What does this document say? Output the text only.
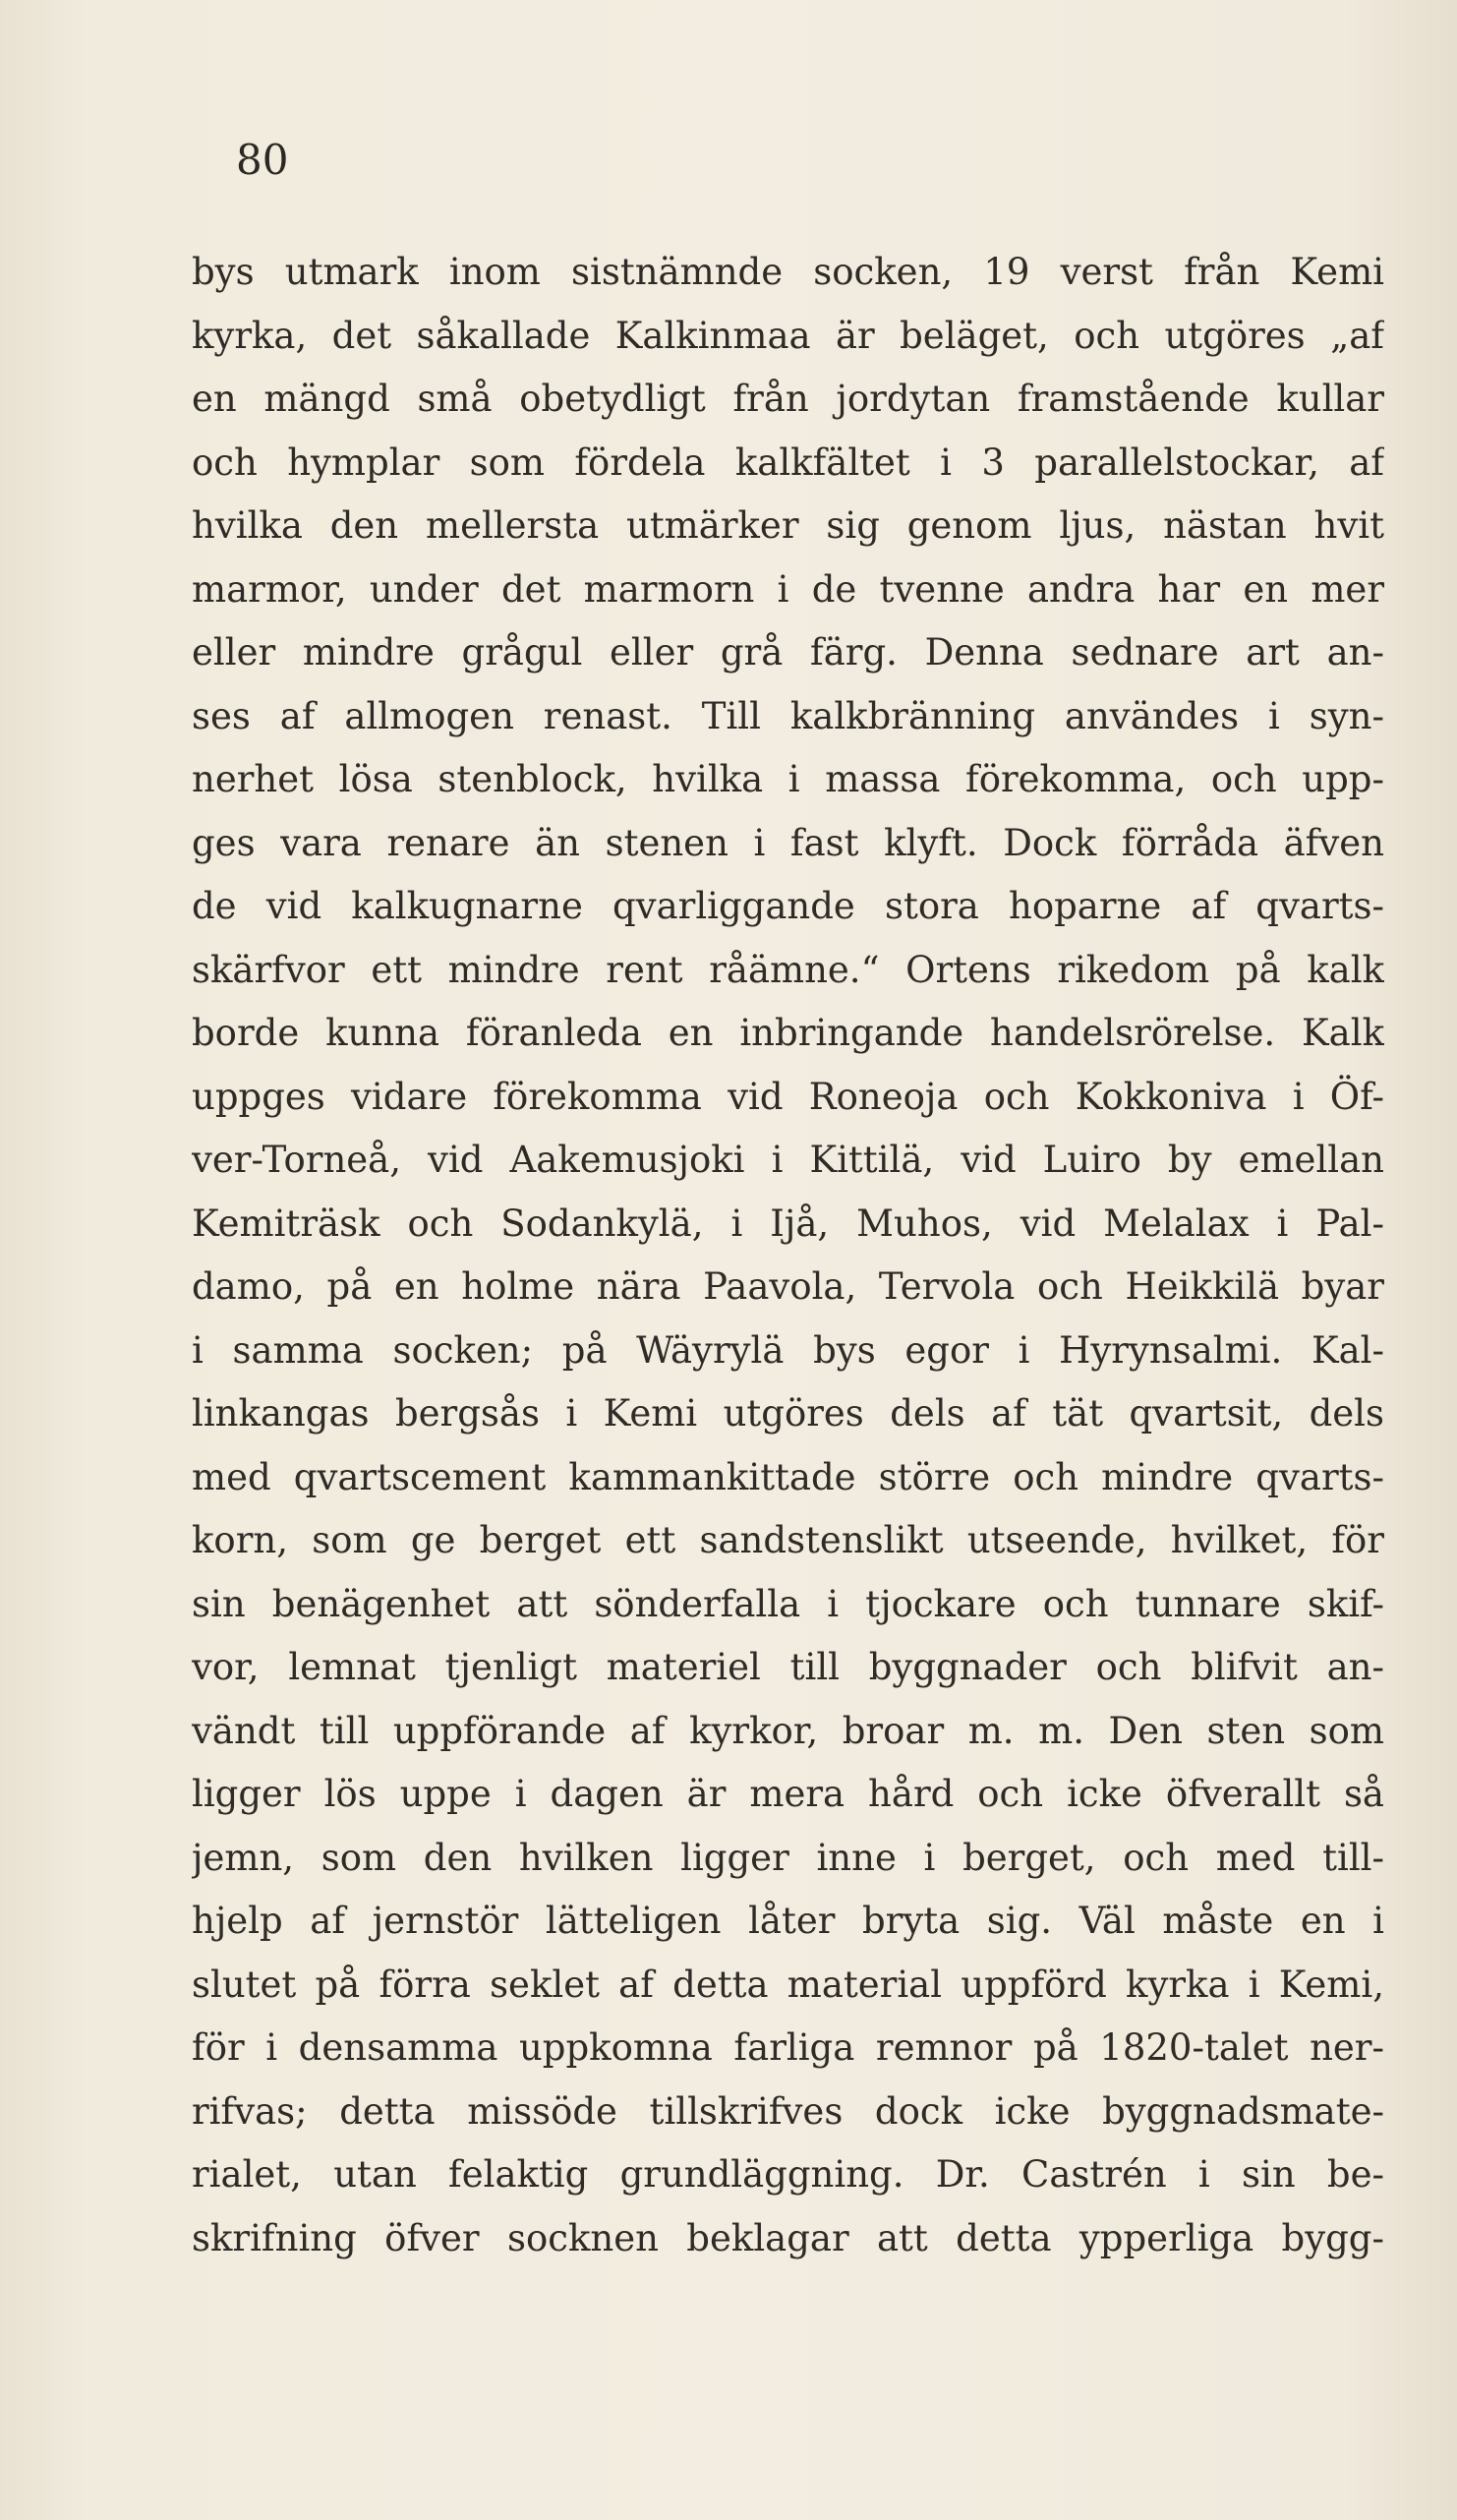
80
bys utmark inom sistnämnde socken, 19 verst från Kemi
kyrka, det såkallade Kalkinmaa är beläget, och utgöres „af
en mängd små obetydligt från jordytan framstående kullar
och hymplar som fördela kalkfältet i 3 parallelstockar, af
hvilka den mellersta utmärker sig genom ljus, nästan hvit
marmor, under det marmorn i de tvenne andra har en mer
eller mindre grågul eller grå färg. Denna sednare art an-
ses af allmogen renast. Till kalkbränning användes i syn-
nerhet lösa stenblock, hvilka i massa förekomma, och upp-
ges vara renare än stenen i fast klyft. Dock förråda äfven
de vid kalkugnarne qvarliggande stora hoparne af qvarts-
skärfvor ett mindre rent råämne.“ Ortens rikedom på kalk
borde kunna föranleda en inbringande handelsrörelse. Kalk
uppges vidare förekomma vid Roneoja och Kokkoniva i Öf-
ver-Torneå, vid Aakemusjoki i Kittilä, vid Luiro by emellan
Kemiträsk och Sodankylä, i Ijå, Muhos, vid Melalax i Pal-
damo, på en holme nära Paavola, Tervola och Heikkilä byar
i samma socken; på Wäyrylä bys egor i Hyrynsalmi. Kal-
linkangas bergsås i Kemi utgöres dels af tät qvartsit, dels
med qvartscement kammankittade större och mindre qvarts-
korn, som ge berget ett sandstenslikt utseende, hvilket, för
sin benägenhet att sönderfalla i tjockare och tunnare skif-
vor, lemnat tjenligt materiel till byggnader och blifvit an-
vändt till uppförande af kyrkor, broar m. m. Den sten som
ligger lös uppe i dagen är mera hård och icke öfverallt så
jemn, som den hvilken ligger inne i berget, och med till-
hjelp af jernstör lätteligen låter bryta sig. Väl måste en i
slutet på förra seklet af detta material uppförd kyrka i Kemi,
för i densamma uppkomna farliga remnor på 1820-talet ner-
rifvas; detta missöde tillskrifves dock icke byggnadsmate-
rialet, utan felaktig grundläggning. Dr. Castrén i sin be-
skrifning öfver socknen beklagar att detta ypperliga bygg-
